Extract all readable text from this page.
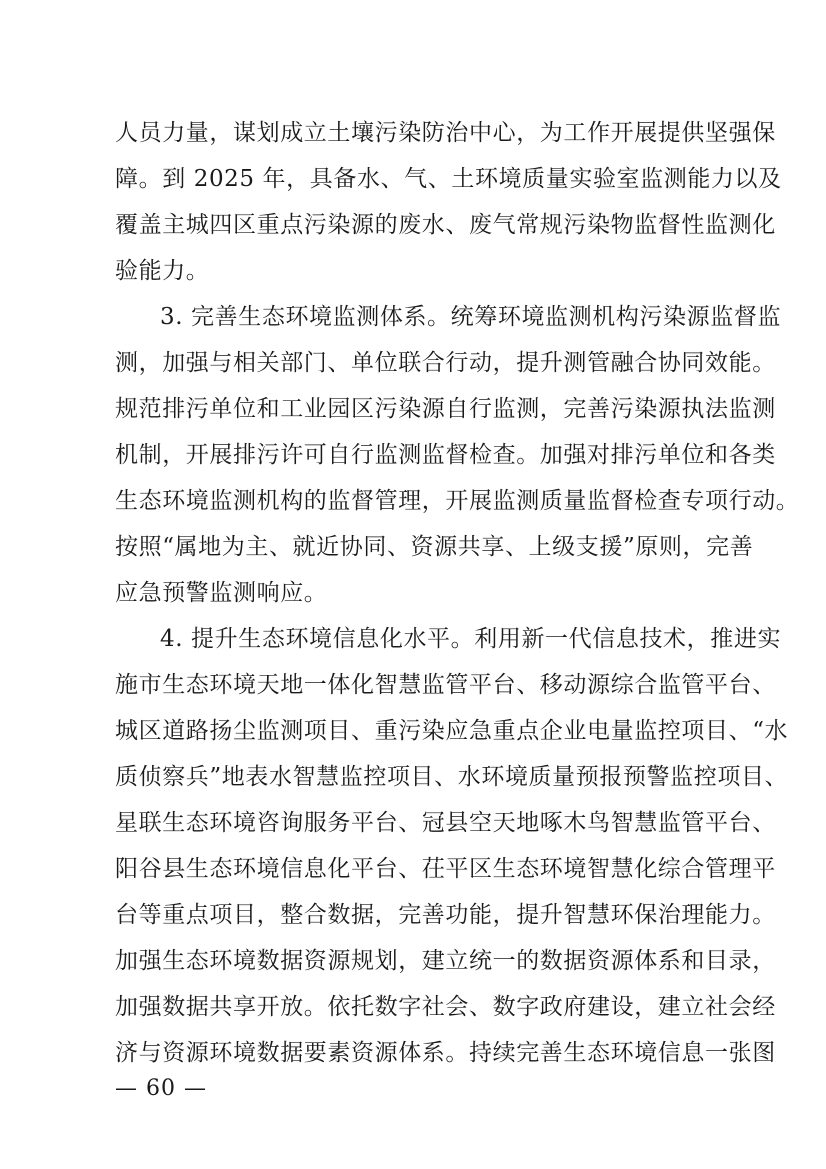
人员力量，谋划成立土壤污染防治中心，为工作开展提供坚强保
障。到 2025 年，具备水、气、土环境质量实验室监测能力以及
覆盖主城四区重点污染源的废水、废气常规污染物监督性监测化
验能力。
3. 完善生态环境监测体系。统筹环境监测机构污染源监督监
测，加强与相关部门、单位联合行动，提升测管融合协同效能。
规范排污单位和工业园区污染源自行监测，完善污染源执法监测
机制，开展排污许可自行监测监督检查。加强对排污单位和各类
生态环境监测机构的监督管理，开展监测质量监督检查专项行动。
按照“属地为主、就近协同、资源共享、上级支援”原则，完善
应急预警监测响应。
4. 提升生态环境信息化水平。利用新一代信息技术，推进实
施市生态环境天地一体化智慧监管平台、移动源综合监管平台、
城区道路扬尘监测项目、重污染应急重点企业电量监控项目、“水
质侦察兵”地表水智慧监控项目、水环境质量预报预警监控项目、
星联生态环境咨询服务平台、冠县空天地啄木鸟智慧监管平台、
阳谷县生态环境信息化平台、茌平区生态环境智慧化综合管理平
台等重点项目，整合数据，完善功能，提升智慧环保治理能力。
加强生态环境数据资源规划，建立统一的数据资源体系和目录，
加强数据共享开放。依托数字社会、数字政府建设，建立社会经
济与资源环境数据要素资源体系。持续完善生态环境信息一张图
— 60 —
